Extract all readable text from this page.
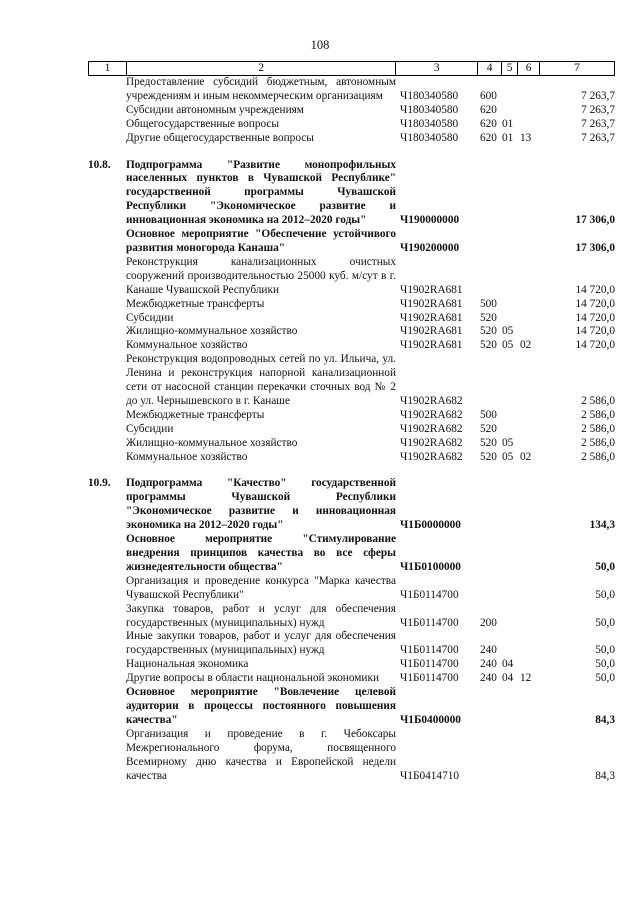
108
1	2	3	4	5	6	7
Предоставление субсидий бюджетным, автономным учреждениям и иным некоммерческим организациям	Ч180340580	600	7 263,7
Субсидии автономным учреждениям	Ч180340580	620	7 263,7
Общегосударственные вопросы	Ч180340580	620 01	7 263,7
Другие общегосударственные вопросы	Ч180340580	620 01 13	7 263,7
10.8.	Подпрограмма "Развитие монопрофильных населенных пунктов в Чувашской Республике" государственной программы Чувашской Республики "Экономическое развитие и инновационная экономика на 2012–2020 годы"	Ч190000000	17 306,0
Основное мероприятие "Обеспечение устойчивого развития моногорода Канаша"	Ч190200000	17 306,0
Реконструкция канализационных очистных сооружений производительностью 25000 куб. м/сут в г. Канаше Чувашской Республики	Ч1902RA681	14 720,0
Межбюджетные трансферты	Ч1902RA681	500	14 720,0
Субсидии	Ч1902RA681	520	14 720,0
Жилищно-коммунальное хозяйство	Ч1902RA681	520 05	14 720,0
Коммунальное хозяйство	Ч1902RA681	520 05 02	14 720,0
Реконструкция водопроводных сетей по ул. Ильича, ул. Ленина и реконструкция напорной канализационной сети от насосной станции перекачки сточных вод № 2 до ул. Чернышевского в г. Канаше	Ч1902RA682	2 586,0
Межбюджетные трансферты	Ч1902RA682	500	2 586,0
Субсидии	Ч1902RA682	520	2 586,0
Жилищно-коммунальное хозяйство	Ч1902RA682	520 05	2 586,0
Коммунальное хозяйство	Ч1902RA682	520 05 02	2 586,0
10.9.	Подпрограмма "Качество" государственной программы Чувашской Республики "Экономическое развитие и инновационная экономика на 2012–2020 годы"	Ч1Б0000000	134,3
Основное мероприятие "Стимулирование внедрения принципов качества во все сферы жизнедеятельности общества"	Ч1Б0100000	50,0
Организация и проведение конкурса "Марка качества Чувашской Республики"	Ч1Б0114700	50,0
Закупка товаров, работ и услуг для обеспечения государственных (муниципальных) нужд	Ч1Б0114700	200	50,0
Иные закупки товаров, работ и услуг для обеспечения государственных (муниципальных) нужд	Ч1Б0114700	240	50,0
Национальная экономика	Ч1Б0114700	240 04	50,0
Другие вопросы в области национальной экономики	Ч1Б0114700	240 04 12	50,0
Основное мероприятие "Вовлечение целевой аудитории в процессы постоянного повышения качества"	Ч1Б0400000	84,3
Организация и проведение в г. Чебоксары Межрегионального форума, посвященного Всемирному дню качества и Европейской недели качества	Ч1Б0414710	84,3
